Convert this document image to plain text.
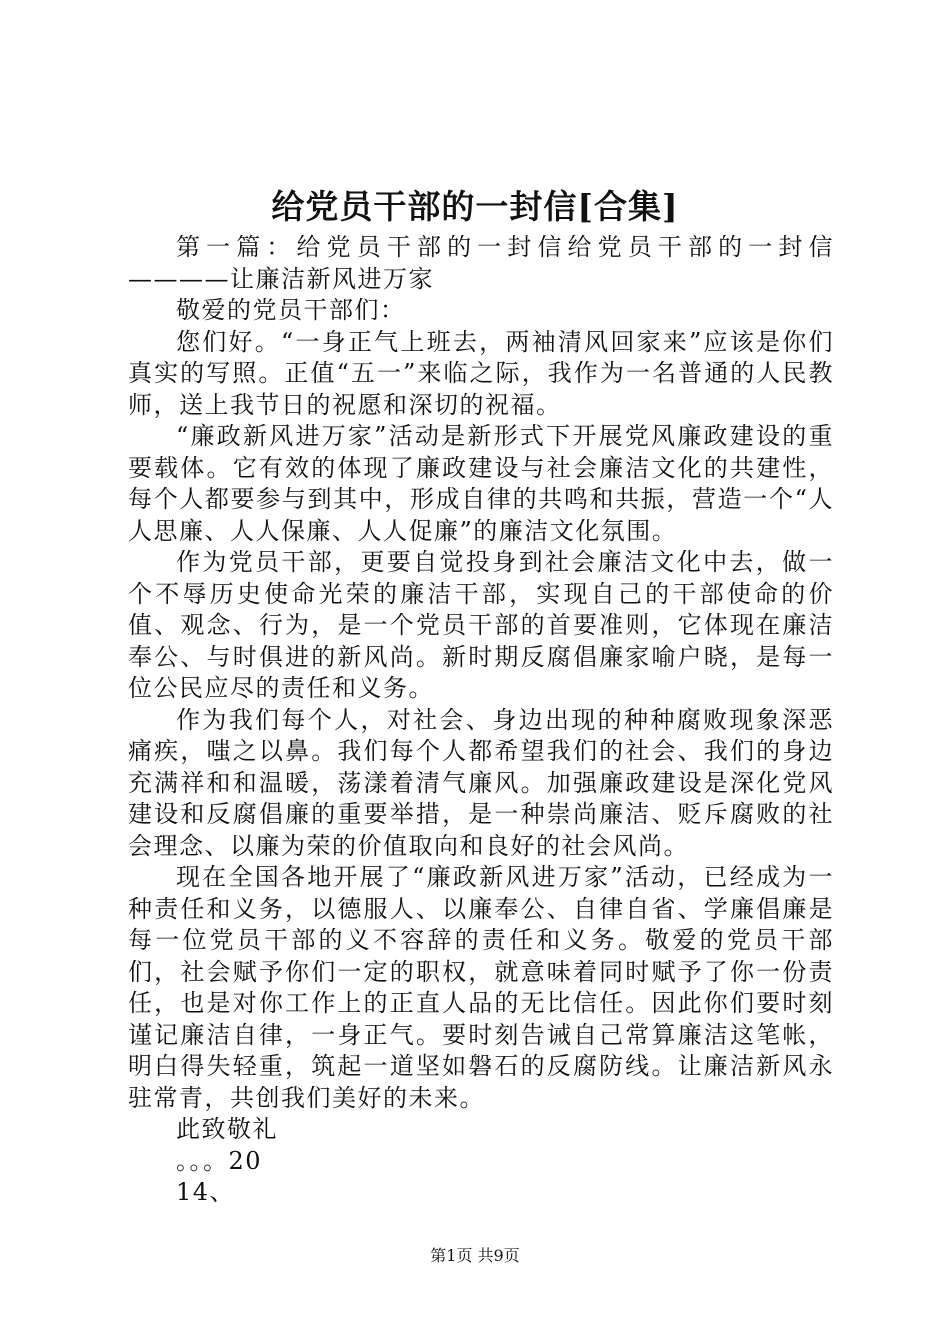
给党员干部的一封信[合集]

第一篇：给党员干部的一封信给党员干部的一封信————让廉洁新风进万家

敬爱的党员干部们：

您们好。“一身正气上班去，两袖清风回家来”应该是你们真实的写照。正值“五一”来临之际，我作为一名普通的人民教师，送上我节日的祝愿和深切的祝福。

“廉政新风进万家”活动是新形式下开展党风廉政建设的重要载体。它有效的体现了廉政建设与社会廉洁文化的共建性，每个人都要参与到其中，形成自律的共鸣和共振，营造一个“人人思廉、人人保廉、人人促廉”的廉洁文化氛围。

作为党员干部，更要自觉投身到社会廉洁文化中去，做一个不辱历史使命光荣的廉洁干部，实现自己的干部使命的价值、观念、行为，是一个党员干部的首要准则，它体现在廉洁奉公、与时俱进的新风尚。新时期反腐倡廉家喻户晓，是每一位公民应尽的责任和义务。

作为我们每个人，对社会、身边出现的种种腐败现象深恶痛疾，嗤之以鼻。我们每个人都希望我们的社会、我们的身边充满祥和和温暖，荡漾着清气廉风。加强廉政建设是深化党风建设和反腐倡廉的重要举措，是一种崇尚廉洁、贬斥腐败的社会理念、以廉为荣的价值取向和良好的社会风尚。

现在全国各地开展了“廉政新风进万家”活动，已经成为一种责任和义务，以德服人、以廉奉公、自律自省、学廉倡廉是每一位党员干部的义不容辞的责任和义务。敬爱的党员干部们，社会赋予你们一定的职权，就意味着同时赋予了你一份责任，也是对你工作上的正直人品的无比信任。因此你们要时刻谨记廉洁自律，一身正气。要时刻告诫自己常算廉洁这笔帐，明白得失轻重，筑起一道坚如磐石的反腐防线。让廉洁新风永驻常青，共创我们美好的未来。

此致敬礼

。。。20

14、

第1页 共9页
